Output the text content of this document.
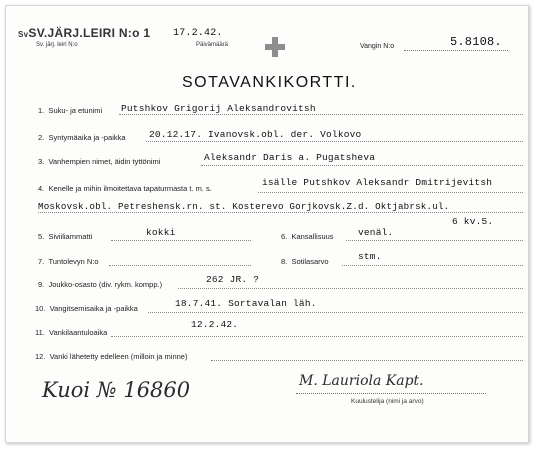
SvSV.JÄRJ.LEIRI N:o 1
Sv. järj. leiri N:o
17.2.42.
Päivämäärä	Vangin N:o	5.8108.
SOTAVANKIKORTTI.
1. Suku- ja etunimi Putshkov Grigorij Aleksandrovitsh
2. Syntymäaika ja -paikka 20.12.17. Ivanovsk.obl. der. Volkovo
3. Vanhempien nimet, äidin tyttönimi	Aleksandr Daris a. Pugatsheva
4. Kenelle ja mihin ilmoitettava tapaturmasta t. m. s.
isälle Putshkov Aleksandr Dmitrijevitsh
Moskovsk.obl. Petreshensk.rn. st. Kosterevo Gorjkovsk.Z.d. Oktjabrsk.ul.
6 kv.5.
5. Siviiliammatti	kokki	6. Kansallisuus	venäl.
7. Tuntolevyn N:o	8. Sotilasarvo	stm.
9. Joukko-osasto (div. rykm. kompp.)	262 JR. ?
10. Vangitsemisaika ja -paikka	18.7.41. Sortavalan läh.
11. Vankilaantuloaika
12.2.42.
12. Vanki lähetetty edelleen (milloin ja minne)
Kuoi № 16860	M. Lauriola Kapt.
Kuulustelija (nimi ja arvo)
